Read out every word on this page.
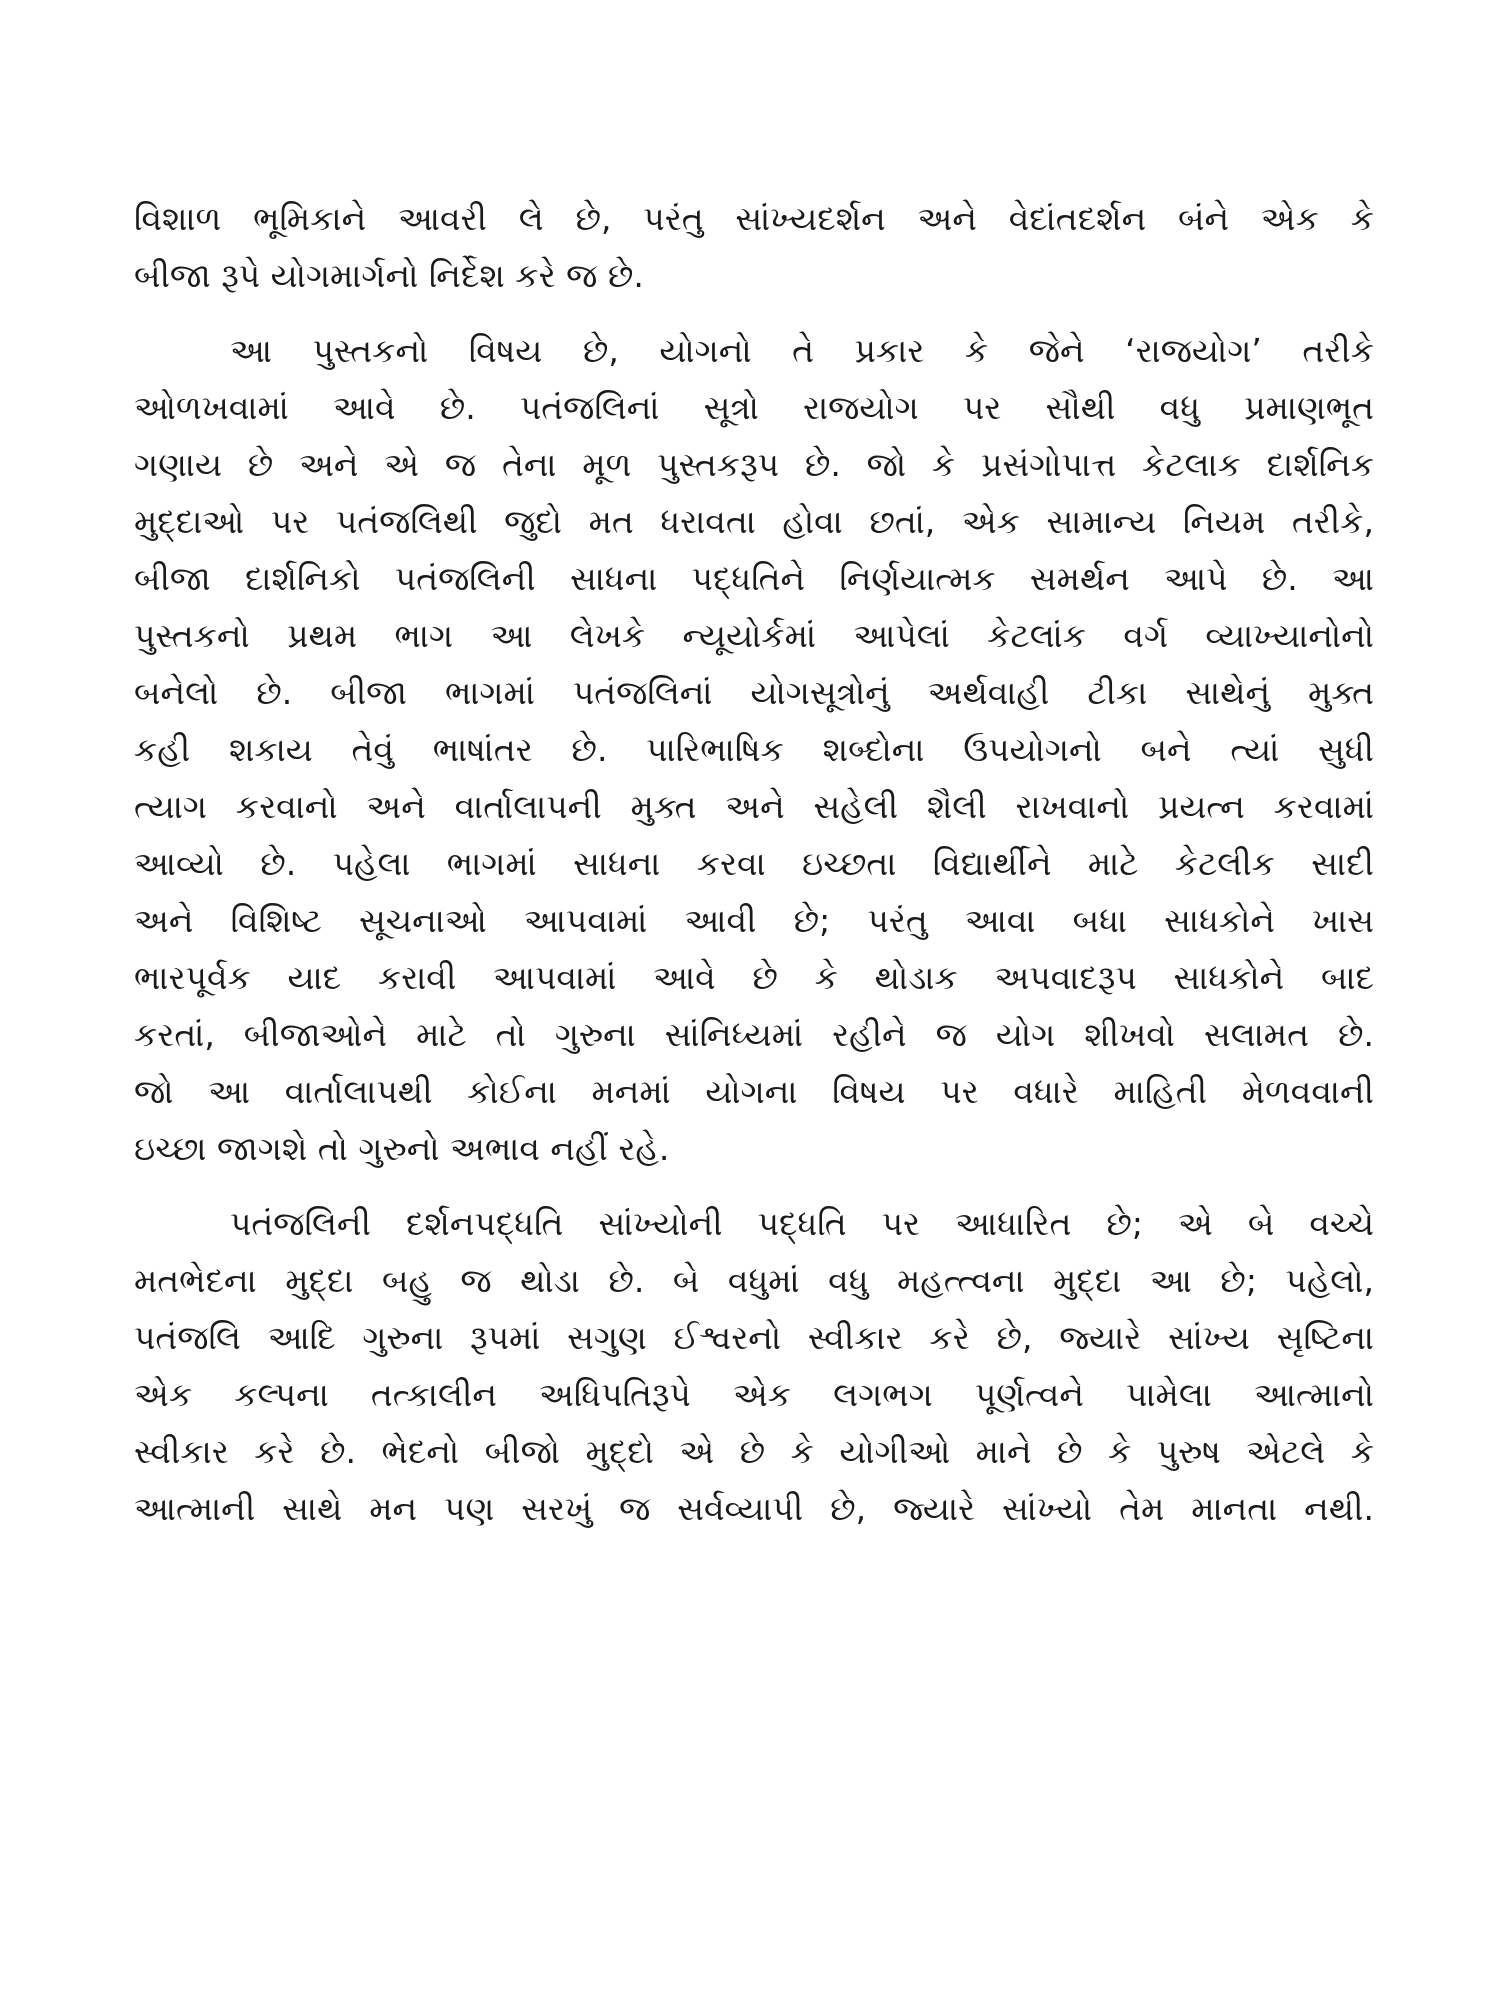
વિશાળ ભૂમિકાને આવરી લે છે, પરંતુ સાંખ્યદર્શન અને વેદાંતદર્શન બંને એક કે
બીજા રૂપે યોગમાર્ગનો નિર્દેશ કરે જ છે.

આ પુસ્તકનો વિષય છે, યોગનો તે પ્રકાર કે જેને ‘રાજયોગ’ તરીકે
ઓળખવામાં આવે છે. પતંજલિનાં સૂત્રો રાજયોગ પર સૌથી વધુ પ્રમાણભૂત
ગણાય છે અને એ જ તેના મૂળ પુસ્તકરૂપ છે. જો કે પ્રસંગોપાત્ત કેટલાક દાર્શનિક
મુદ્દાઓ પર પતંજલિથી જુદો મત ધરાવતા હોવા છતાં, એક સામાન્ય નિયમ તરીકે,
બીજા દાર્શનિકો પતંજલિની સાધના પદ્ધતિને નિર્ણયાત્મક સમર્થન આપે છે. આ
પુસ્તકનો પ્રથમ ભાગ આ લેખકે ન્યૂયોર્કમાં આપેલાં કેટલાંક વર્ગ વ્યાખ્યાનોનો
બનેલો છે. બીજા ભાગમાં પતંજલિનાં યોગસૂત્રોનું અર્થવાહી ટીકા સાથેનું મુક્ત
કહી શકાય તેવું ભાષાંતર છે. પારિભાષિક શબ્દોના ઉપયોગનો બને ત્યાં સુધી
ત્યાગ કરવાનો અને વાર્તાલાપની મુક્ત અને સહેલી શૈલી રાખવાનો પ્રયત્ન કરવામાં
આવ્યો છે. પહેલા ભાગમાં સાધના કરવા ઇચ્છતા વિદ્યાર્થીને માટે કેટલીક સાદી
અને વિશિષ્ટ સૂચનાઓ આપવામાં આવી છે; પરંતુ આવા બધા સાધકોને ખાસ
ભારપૂર્વક યાદ કરાવી આપવામાં આવે છે કે થોડાક અપવાદરૂપ સાધકોને બાદ
કરતાં, બીજાઓને માટે તો ગુરુના સાંનિધ્યમાં રહીને જ યોગ શીખવો સલામત છે.
જો આ વાર્તાલાપથી કોઈના મનમાં યોગના વિષય પર વધારે માહિતી મેળવવાની
ઇચ્છા જાગશે તો ગુરુનો અભાવ નહીં રહે.

પતંજલિની દર્શનપદ્ધતિ સાંખ્યોની પદ્ધતિ પર આધારિત છે; એ બે વચ્ચે
મતભેદના મુદ્દા બહુ જ થોડા છે. બે વધુમાં વધુ મહત્ત્વના મુદ્દા આ છે; પહેલો,
પતંજલિ આદિ ગુરુના રૂપમાં સગુણ ઈશ્વરનો સ્વીકાર કરે છે, જ્યારે સાંખ્ય સૃષ્ટિના
એક કલ્પના તત્કાલીન અધિપતિરૂપે એક લગભગ પૂર્ણત્વને પામેલા આત્માનો
સ્વીકાર કરે છે. ભેદનો બીજો મુદ્દો એ છે કે યોગીઓ માને છે કે પુરુષ એટલે કે
આત્માની સાથે મન પણ સરખું જ સર્વવ્યાપી છે, જ્યારે સાંખ્યો તેમ માનતા નથી.
